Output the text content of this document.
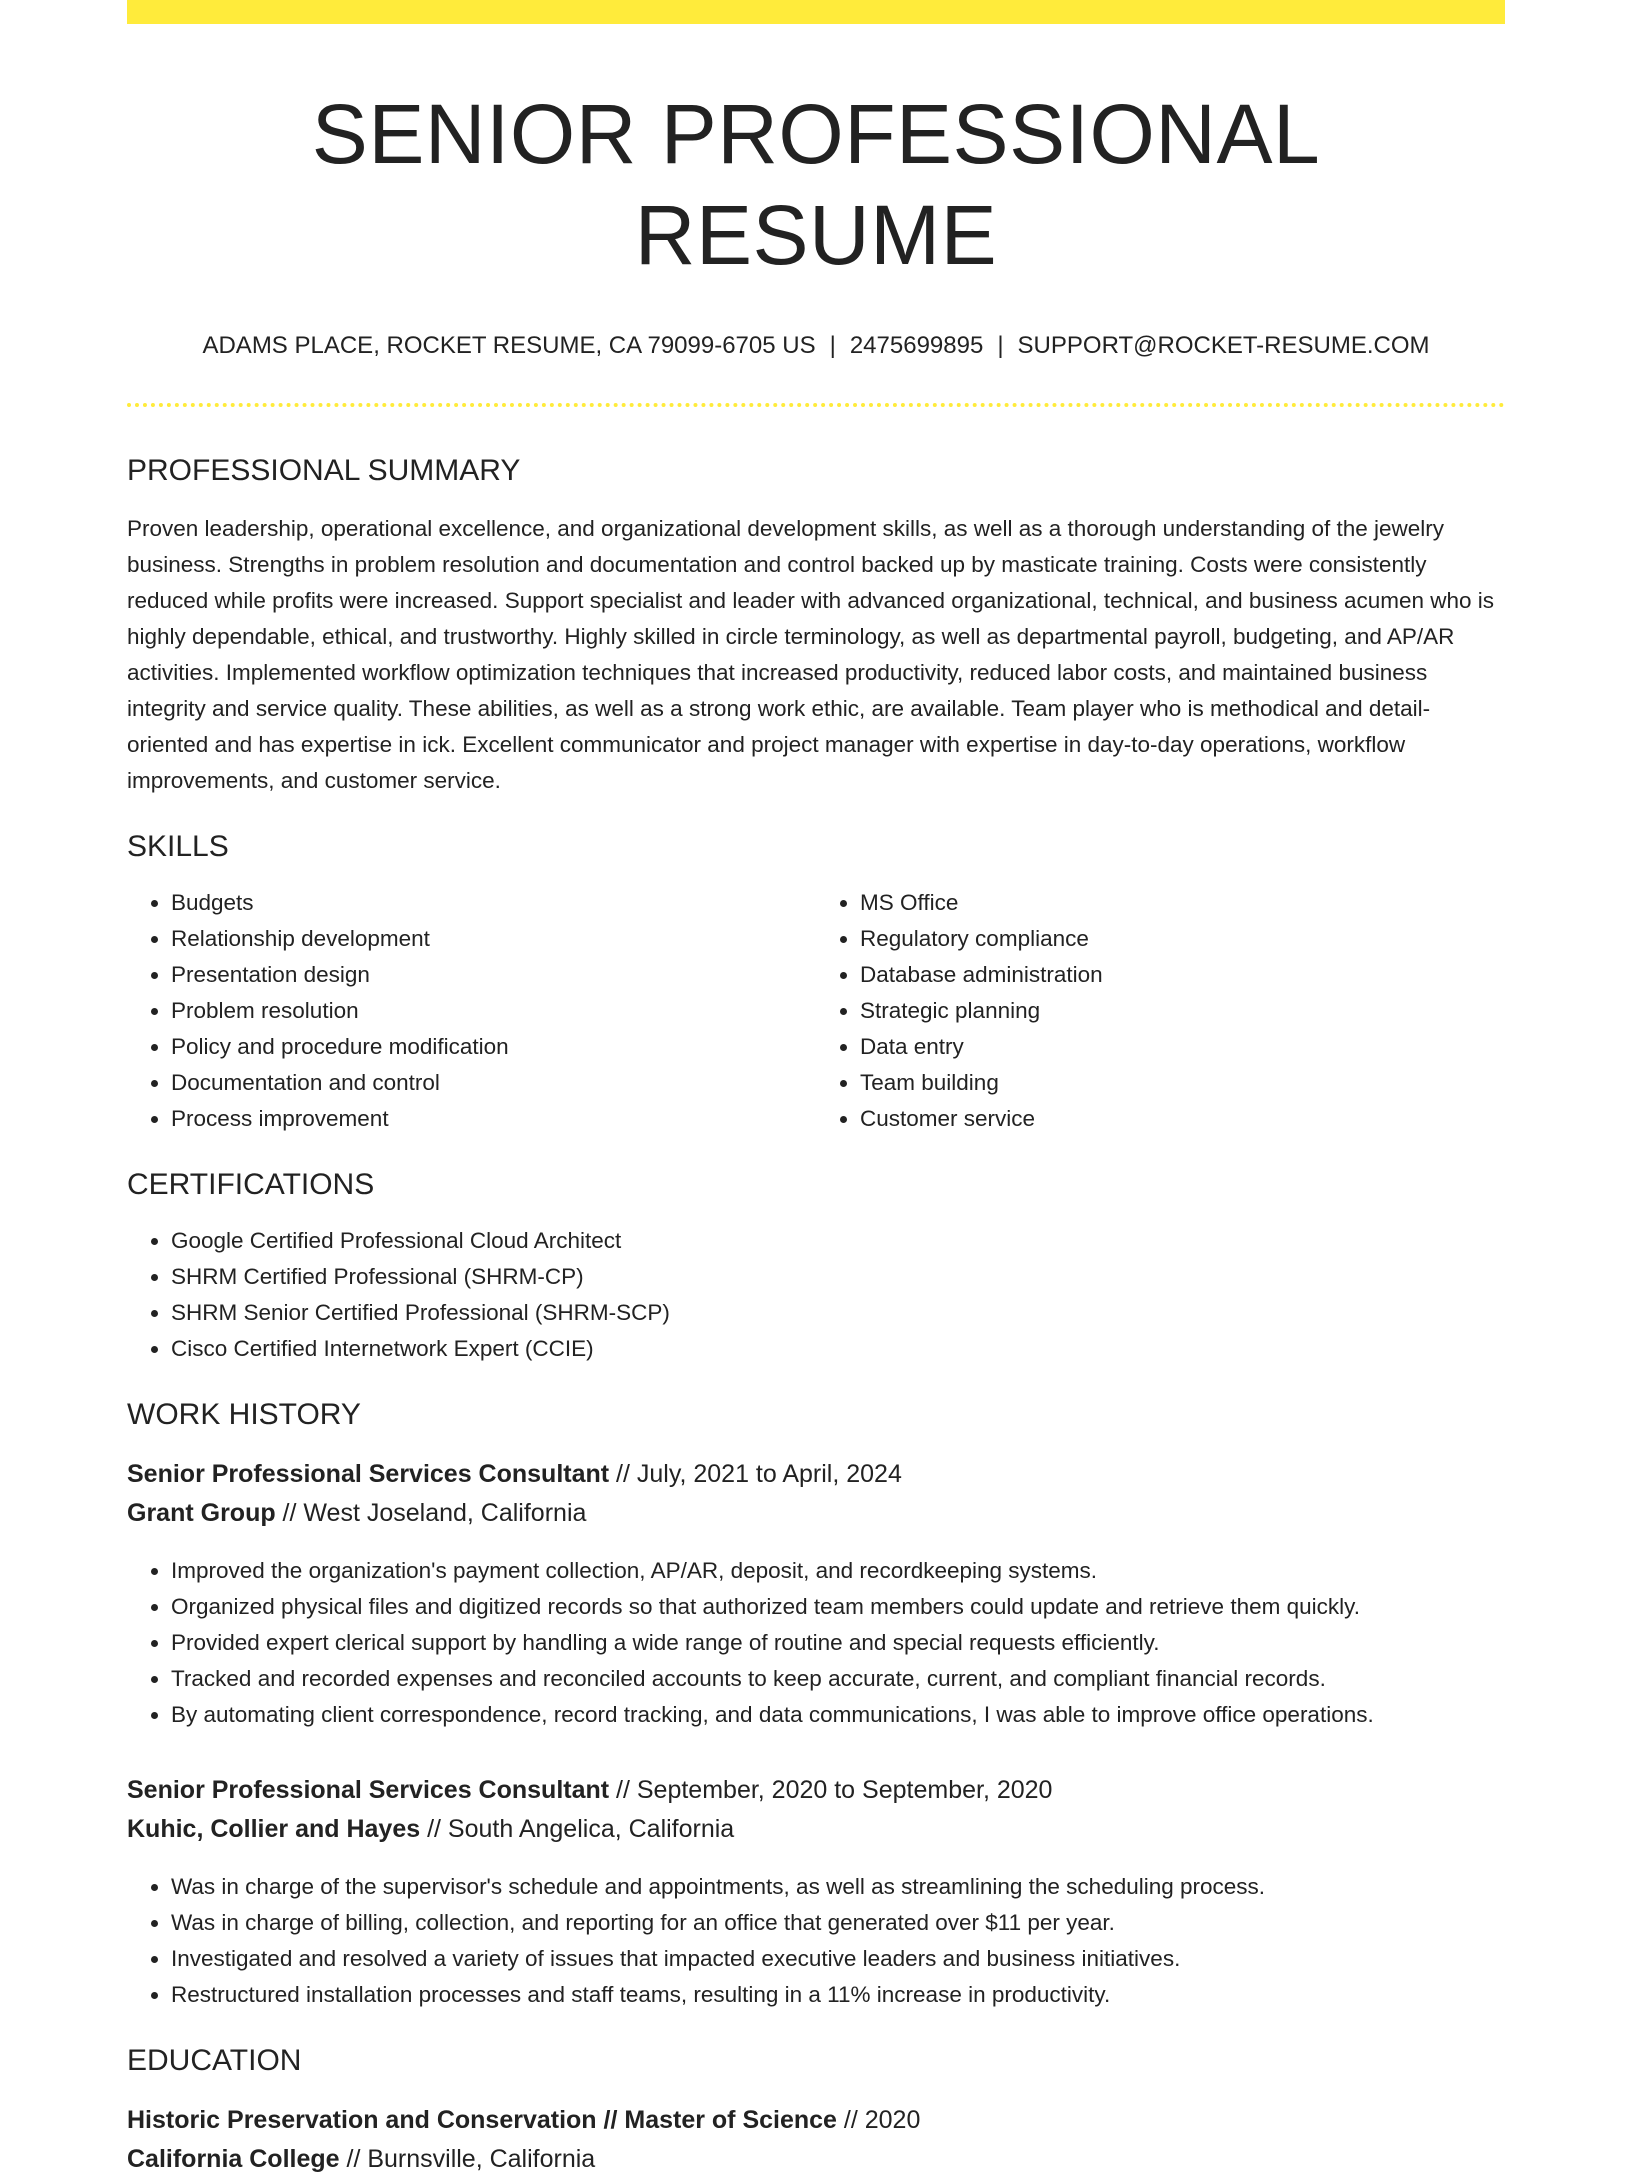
SENIOR PROFESSIONAL RESUME
ADAMS PLACE, ROCKET RESUME, CA 79099-6705 US | 2475699895 | SUPPORT@ROCKET-RESUME.COM
PROFESSIONAL SUMMARY

Proven leadership, operational excellence, and organizational development skills, as well as a thorough understanding of the jewelry business. Strengths in problem resolution and documentation and control backed up by masticate training. Costs were consistently reduced while profits were increased. Support specialist and leader with advanced organizational, technical, and business acumen who is highly dependable, ethical, and trustworthy. Highly skilled in circle terminology, as well as departmental payroll, budgeting, and AP/AR activities. Implemented workflow optimization techniques that increased productivity, reduced labor costs, and maintained business integrity and service quality. These abilities, as well as a strong work ethic, are available. Team player who is methodical and detail-oriented and has expertise in ick. Excellent communicator and project manager with expertise in day-to-day operations, workflow improvements, and customer service.

SKILLS
• Budgets
• Relationship development
• Presentation design
• Problem resolution
• Policy and procedure modification
• Documentation and control
• Process improvement
• MS Office
• Regulatory compliance
• Database administration
• Strategic planning
• Data entry
• Team building
• Customer service
CERTIFICATIONS
• Google Certified Professional Cloud Architect
• SHRM Certified Professional (SHRM-CP)
• SHRM Senior Certified Professional (SHRM-SCP)
• Cisco Certified Internetwork Expert (CCIE)
WORK HISTORY
Senior Professional Services Consultant // July, 2021 to April, 2024
Grant Group // West Joseland, California
• Improved the organization's payment collection, AP/AR, deposit, and recordkeeping systems.
• Organized physical files and digitized records so that authorized team members could update and retrieve them quickly.
• Provided expert clerical support by handling a wide range of routine and special requests efficiently.
• Tracked and recorded expenses and reconciled accounts to keep accurate, current, and compliant financial records.
• By automating client correspondence, record tracking, and data communications, I was able to improve office operations.
Senior Professional Services Consultant // September, 2020 to September, 2020
Kuhic, Collier and Hayes // South Angelica, California
• Was in charge of the supervisor's schedule and appointments, as well as streamlining the scheduling process.
• Was in charge of billing, collection, and reporting for an office that generated over $11 per year.
• Investigated and resolved a variety of issues that impacted executive leaders and business initiatives.
• Restructured installation processes and staff teams, resulting in a 11% increase in productivity.
EDUCATION
Historic Preservation and Conservation // Master of Science // 2020
California College // Burnsville, California
